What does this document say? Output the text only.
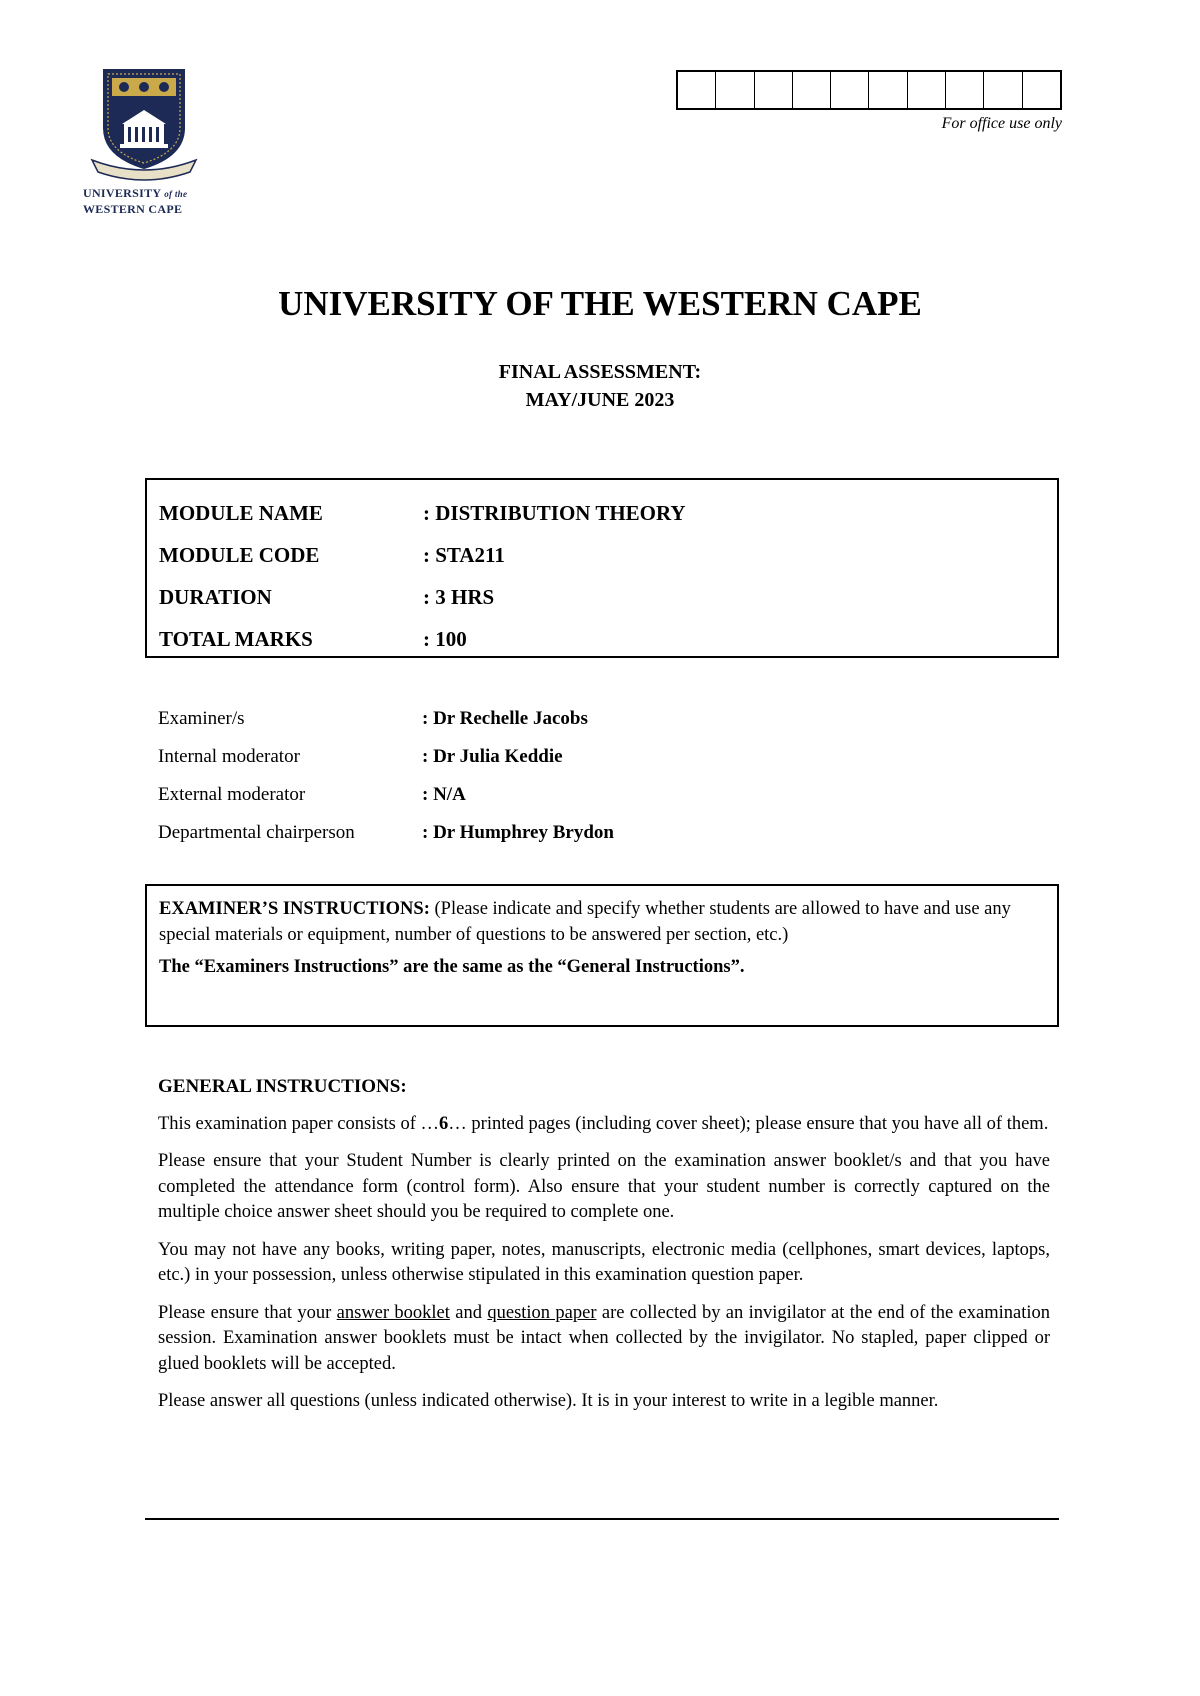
UNIVERSITY of the
WESTERN CAPE
For office use only
UNIVERSITY OF THE WESTERN CAPE
FINAL ASSESSMENT:
MAY/JUNE 2023
MODULE NAME	: DISTRIBUTION THEORY
MODULE CODE	: STA211
DURATION	: 3 HRS
TOTAL MARKS	: 100
Examiner/s	: Dr Rechelle Jacobs
Internal moderator	: Dr Julia Keddie
External moderator	: N/A
Departmental chairperson	: Dr Humphrey Brydon

EXAMINER’S INSTRUCTIONS: (Please indicate and specify whether students are allowed to have and use any special materials or equipment, number of questions to be answered per section, etc.)

The “Examiners Instructions” are the same as the “General Instructions”.

GENERAL INSTRUCTIONS:

This examination paper consists of …6… printed pages (including cover sheet); please ensure that you have all of them.

Please ensure that your Student Number is clearly printed on the examination answer booklet/s and that you have completed the attendance form (control form). Also ensure that your student number is correctly captured on the multiple choice answer sheet should you be required to complete one.

You may not have any books, writing paper, notes, manuscripts, electronic media (cellphones, smart devices, laptops, etc.) in your possession, unless otherwise stipulated in this examination question paper.

Please ensure that your answer booklet and question paper are collected by an invigilator at the end of the examination session. Examination answer booklets must be intact when collected by the invigilator. No stapled, paper clipped or glued booklets will be accepted.

Please answer all questions (unless indicated otherwise). It is in your interest to write in a legible manner.
